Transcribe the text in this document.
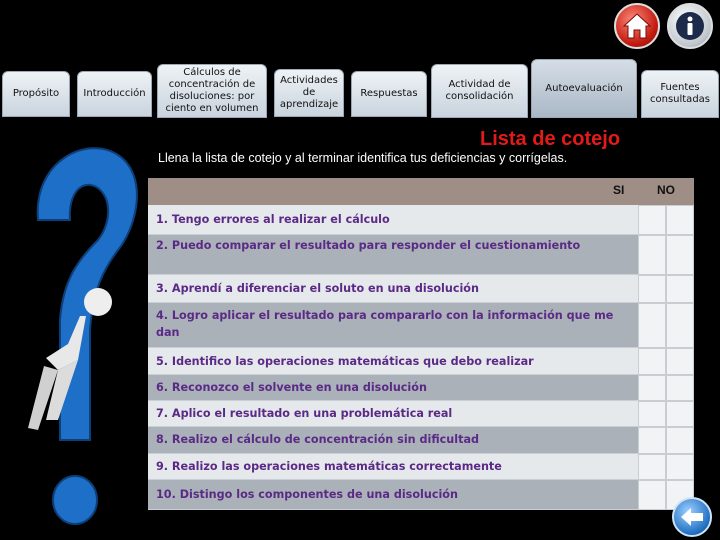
Propósito	Introducción
Cálculos de concentración de disoluciones: por ciento en volumen
Actividades de aprendizaje
Respuestas
Actividad de consolidación
Autoevaluación	Fuentes consultadas
Lista de cotejo
Llena la lista de cotejo y al terminar identifica tus deficiencias y corrígelas.
SI	NO
1. Tengo errores al realizar el cálculo
2. Puedo comparar el resultado para responder el cuestionamiento
3. Aprendí a diferenciar el soluto en una disolución
4. Logro aplicar el resultado para compararlo con la información que me dan
5. Identifico las operaciones matemáticas que debo realizar
6. Reconozco el solvente en una disolución
7. Aplico el resultado en una problemática real
8. Realizo el cálculo de concentración sin dificultad
9. Realizo las operaciones matemáticas correctamente
10. Distingo los componentes de una disolución
